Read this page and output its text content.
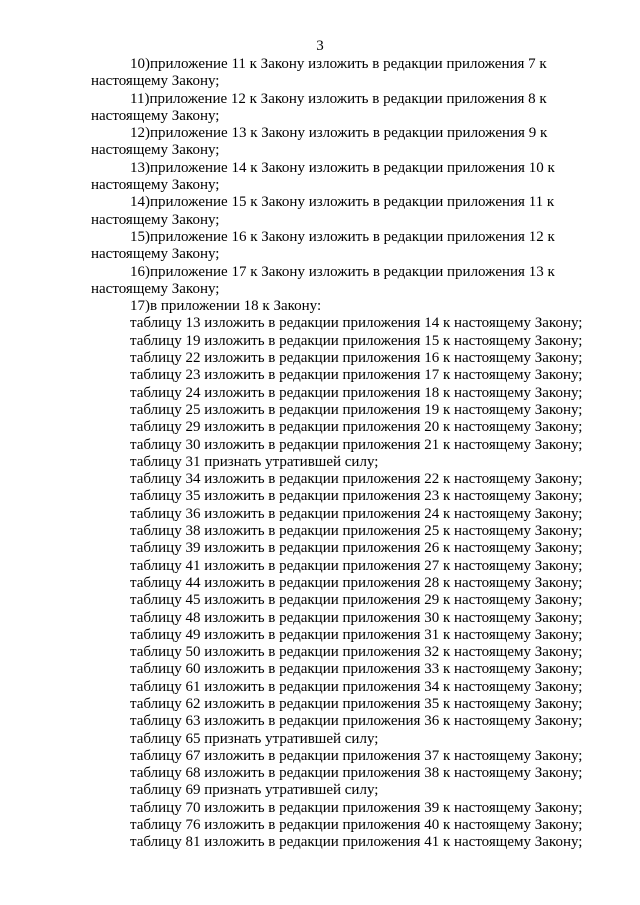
3
10)приложение 11 к Закону изложить в редакции приложения 7 к
настоящему Закону;
11)приложение 12 к Закону изложить в редакции приложения 8 к
настоящему Закону;
12)приложение 13 к Закону изложить в редакции приложения 9 к
настоящему Закону;
13)приложение 14 к Закону изложить в редакции приложения 10 к
настоящему Закону;
14)приложение 15 к Закону изложить в редакции приложения 11 к
настоящему Закону;
15)приложение 16 к Закону изложить в редакции приложения 12 к
настоящему Закону;
16)приложение 17 к Закону изложить в редакции приложения 13 к
настоящему Закону;
17)в приложении 18 к Закону:
таблицу 13 изложить в редакции приложения 14 к настоящему Закону;
таблицу 19 изложить в редакции приложения 15 к настоящему Закону;
таблицу 22 изложить в редакции приложения 16 к настоящему Закону;
таблицу 23 изложить в редакции приложения 17 к настоящему Закону;
таблицу 24 изложить в редакции приложения 18 к настоящему Закону;
таблицу 25 изложить в редакции приложения 19 к настоящему Закону;
таблицу 29 изложить в редакции приложения 20 к настоящему Закону;
таблицу 30 изложить в редакции приложения 21 к настоящему Закону;
таблицу 31 признать утратившей силу;
таблицу 34 изложить в редакции приложения 22 к настоящему Закону;
таблицу 35 изложить в редакции приложения 23 к настоящему Закону;
таблицу 36 изложить в редакции приложения 24 к настоящему Закону;
таблицу 38 изложить в редакции приложения 25 к настоящему Закону;
таблицу 39 изложить в редакции приложения 26 к настоящему Закону;
таблицу 41 изложить в редакции приложения 27 к настоящему Закону;
таблицу 44 изложить в редакции приложения 28 к настоящему Закону;
таблицу 45 изложить в редакции приложения 29 к настоящему Закону;
таблицу 48 изложить в редакции приложения 30 к настоящему Закону;
таблицу 49 изложить в редакции приложения 31 к настоящему Закону;
таблицу 50 изложить в редакции приложения 32 к настоящему Закону;
таблицу 60 изложить в редакции приложения 33 к настоящему Закону;
таблицу 61 изложить в редакции приложения 34 к настоящему Закону;
таблицу 62 изложить в редакции приложения 35 к настоящему Закону;
таблицу 63 изложить в редакции приложения 36 к настоящему Закону;
таблицу 65 признать утратившей силу;
таблицу 67 изложить в редакции приложения 37 к настоящему Закону;
таблицу 68 изложить в редакции приложения 38 к настоящему Закону;
таблицу 69 признать утратившей силу;
таблицу 70 изложить в редакции приложения 39 к настоящему Закону;
таблицу 76 изложить в редакции приложения 40 к настоящему Закону;
таблицу 81 изложить в редакции приложения 41 к настоящему Закону;
